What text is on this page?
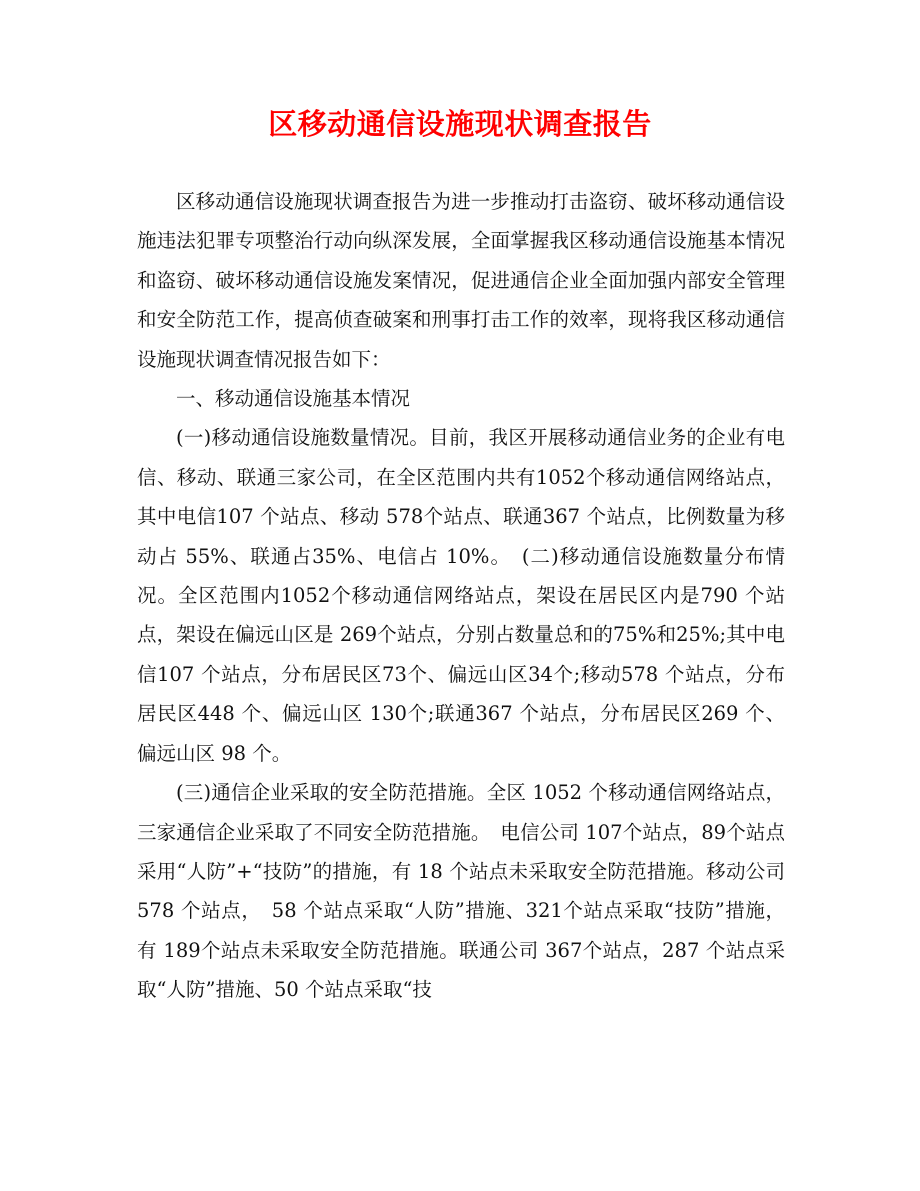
区移动通信设施现状调查报告

区移动通信设施现状调查报告为进一步推动打击盗窃、破坏移动通信设施违法犯罪专项整治行动向纵深发展，全面掌握我区移动通信设施基本情况和盗窃、破坏移动通信设施发案情况，促进通信企业全面加强内部安全管理和安全防范工作，提高侦查破案和刑事打击工作的效率，现将我区移动通信设施现状调查情况报告如下：

一、移动通信设施基本情况

(一)移动通信设施数量情况。目前，我区开展移动通信业务的企业有电信、移动、联通三家公司，在全区范围内共有1052个移动通信网络站点，其中电信107 个站点、移动 578个站点、联通367 个站点，比例数量为移动占 55%、联通占35%、电信占 10%。　(二)移动通信设施数量分布情况。全区范围内1052个移动通信网络站点，架设在居民区内是790 个站点，架设在偏远山区是 269个站点，分别占数量总和的75%和25%;其中电信107 个站点，分布居民区73个、偏远山区34个;移动578 个站点，分布居民区448 个、偏远山区 130个;联通367 个站点，分布居民区269 个、偏远山区 98 个。

(三)通信企业采取的安全防范措施。全区 1052 个移动通信网络站点，三家通信企业采取了不同安全防范措施。　电信公司 107个站点，89个站点采用“人防”+“技防”的措施，有 18 个站点未采取安全防范措施。移动公司578 个站点，　58 个站点采取“人防”措施、321个站点采取“技防”措施，有 189个站点未采取安全防范措施。联通公司 367个站点，287 个站点采取“人防”措施、50 个站点采取“技
